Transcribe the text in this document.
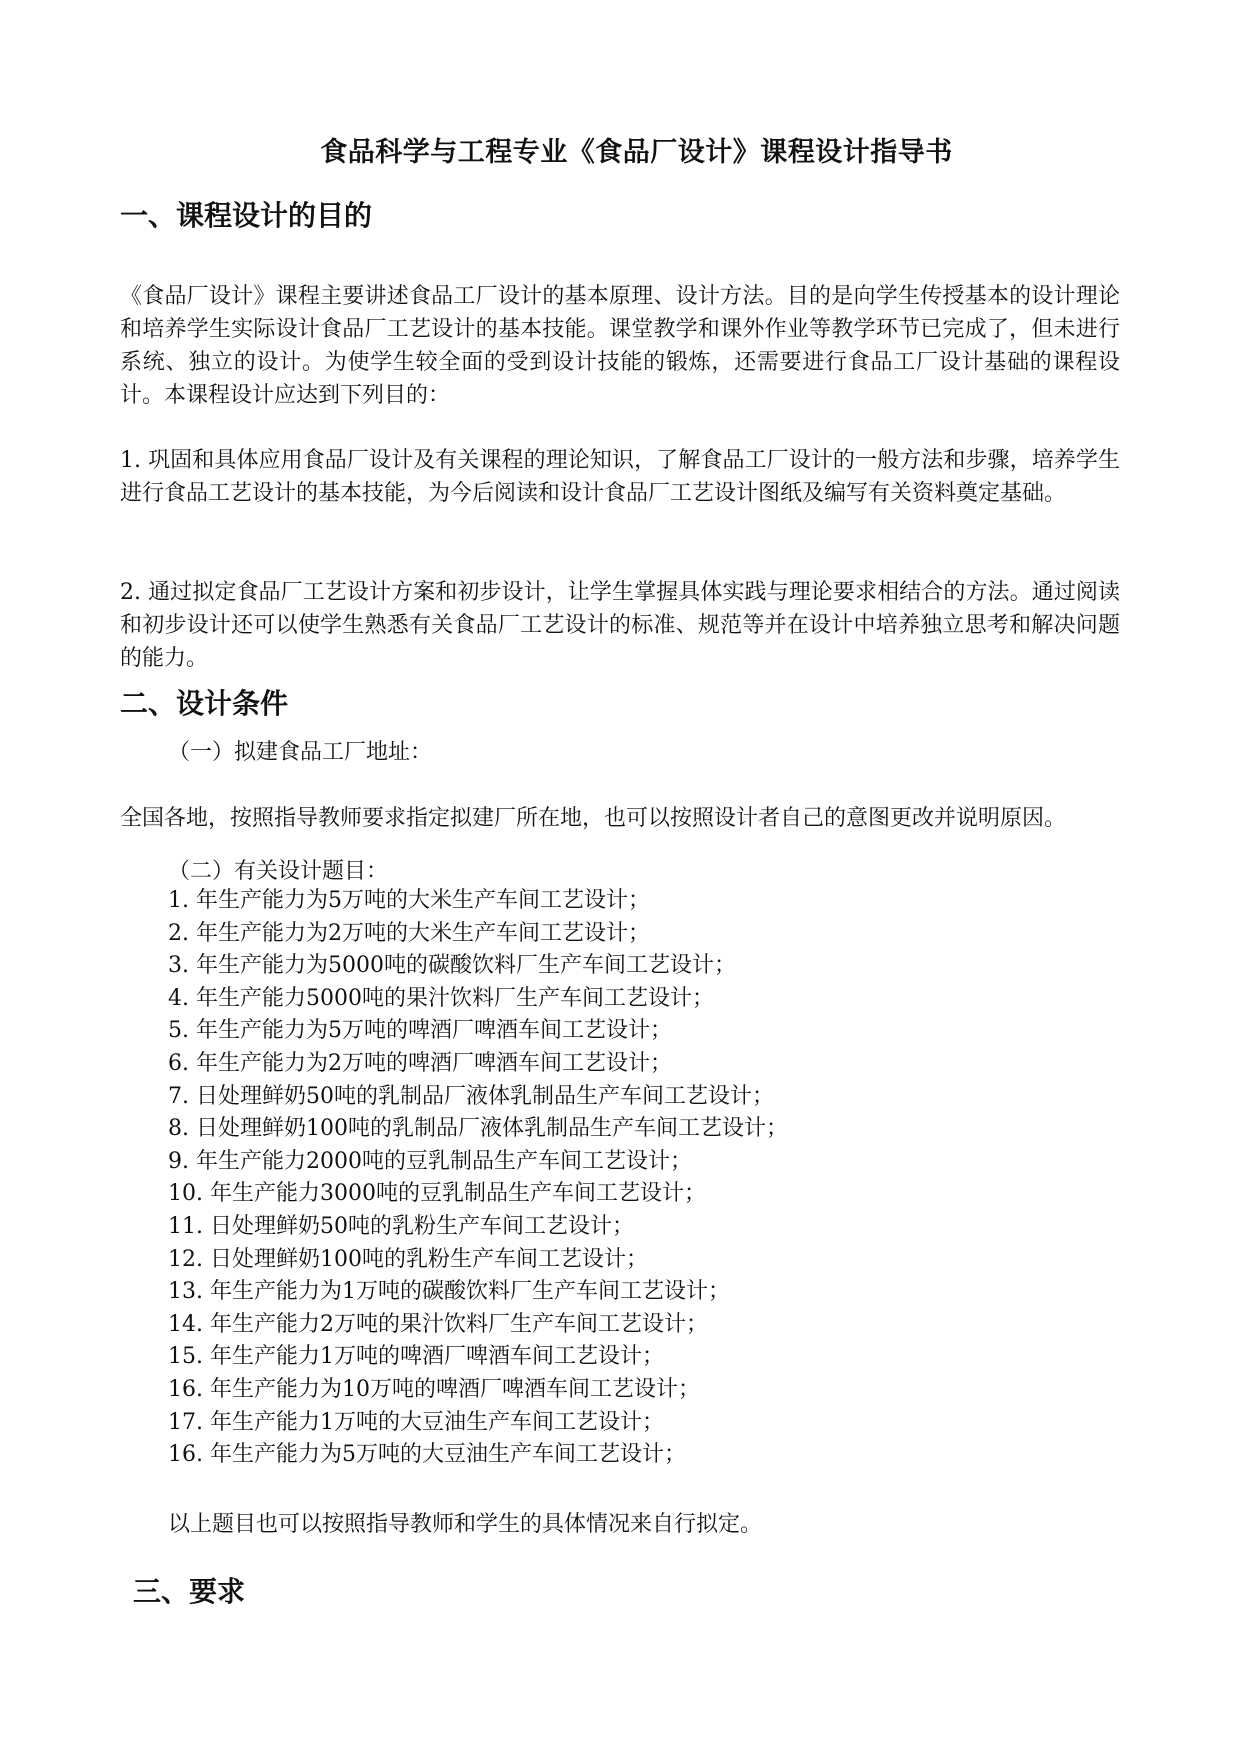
食品科学与工程专业《食品厂设计》课程设计指导书
一、课程设计的目的

《食品厂设计》课程主要讲述食品工厂设计的基本原理、设计方法。目的是向学生传授基本的设计理论和培养学生实际设计食品厂工艺设计的基本技能。课堂教学和课外作业等教学环节已完成了，但未进行系统、独立的设计。为使学生较全面的受到设计技能的锻炼，还需要进行食品工厂设计基础的课程设计。本课程设计应达到下列目的：

1. 巩固和具体应用食品厂设计及有关课程的理论知识，了解食品工厂设计的一般方法和步骤，培养学生进行食品工艺设计的基本技能，为今后阅读和设计食品厂工艺设计图纸及编写有关资料奠定基础。

2. 通过拟定食品厂工艺设计方案和初步设计，让学生掌握具体实践与理论要求相结合的方法。通过阅读和初步设计还可以使学生熟悉有关食品厂工艺设计的标准、规范等并在设计中培养独立思考和解决问题的能力。

二、设计条件
（一）拟建食品工厂地址：

全国各地，按照指导教师要求指定拟建厂所在地，也可以按照设计者自己的意图更改并说明原因。

（二）有关设计题目：
1. 年生产能力为5万吨的大米生产车间工艺设计；
2. 年生产能力为2万吨的大米生产车间工艺设计；
3. 年生产能力为5000吨的碳酸饮料厂生产车间工艺设计；
4. 年生产能力5000吨的果汁饮料厂生产车间工艺设计；
5. 年生产能力为5万吨的啤酒厂啤酒车间工艺设计；
6. 年生产能力为2万吨的啤酒厂啤酒车间工艺设计；
7. 日处理鲜奶50吨的乳制品厂液体乳制品生产车间工艺设计；
8. 日处理鲜奶100吨的乳制品厂液体乳制品生产车间工艺设计；
9. 年生产能力2000吨的豆乳制品生产车间工艺设计；
10. 年生产能力3000吨的豆乳制品生产车间工艺设计；
11. 日处理鲜奶50吨的乳粉生产车间工艺设计；
12. 日处理鲜奶100吨的乳粉生产车间工艺设计；
13. 年生产能力为1万吨的碳酸饮料厂生产车间工艺设计；
14. 年生产能力2万吨的果汁饮料厂生产车间工艺设计；
15. 年生产能力1万吨的啤酒厂啤酒车间工艺设计；
16. 年生产能力为10万吨的啤酒厂啤酒车间工艺设计；
17. 年生产能力1万吨的大豆油生产车间工艺设计；
16. 年生产能力为5万吨的大豆油生产车间工艺设计；
以上题目也可以按照指导教师和学生的具体情况来自行拟定。
三、要求
